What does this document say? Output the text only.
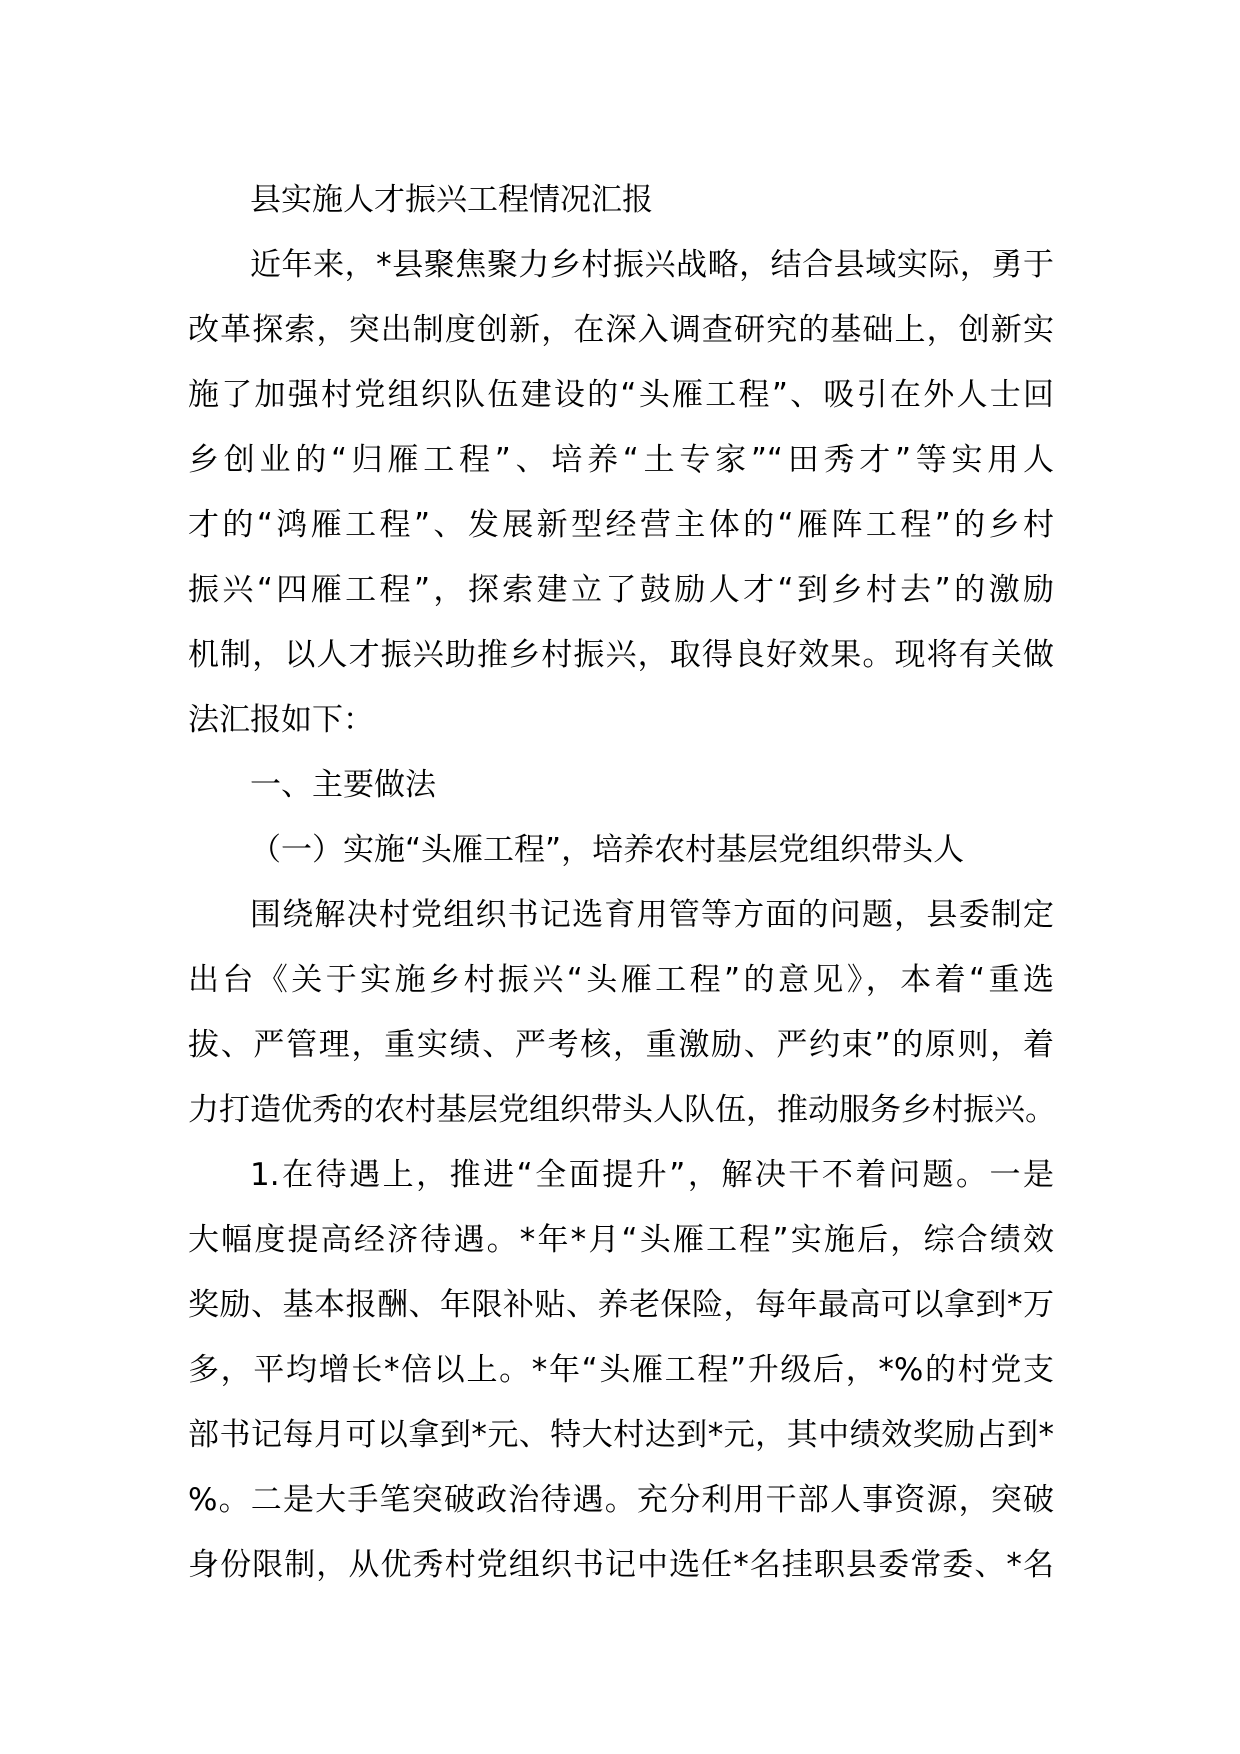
县实施人才振兴工程情况汇报
近年来，*县聚焦聚力乡村振兴战略，结合县域实际，勇于
改革探索，突出制度创新，在深入调查研究的基础上，创新实
施了加强村党组织队伍建设的“头雁工程”、吸引在外人士回
乡创业的“归雁工程”、培养“土专家”“田秀才”等实用人
才的“鸿雁工程”、发展新型经营主体的“雁阵工程”的乡村
振兴“四雁工程”，探索建立了鼓励人才“到乡村去”的激励
机制，以人才振兴助推乡村振兴，取得良好效果。现将有关做
法汇报如下：
一、主要做法
（一）实施“头雁工程”，培养农村基层党组织带头人
围绕解决村党组织书记选育用管等方面的问题，县委制定
出台《关于实施乡村振兴“头雁工程”的意见》，本着“重选
拔、严管理，重实绩、严考核，重激励、严约束”的原则，着
力打造优秀的农村基层党组织带头人队伍，推动服务乡村振兴。
1.在待遇上，推进“全面提升”，解决干不着问题。一是
大幅度提高经济待遇。*年*月“头雁工程”实施后，综合绩效
奖励、基本报酬、年限补贴、养老保险，每年最高可以拿到*万
多，平均增长*倍以上。*年“头雁工程”升级后，*%的村党支
部书记每月可以拿到*元、特大村达到*元，其中绩效奖励占到*
%。二是大手笔突破政治待遇。充分利用干部人事资源，突破
身份限制，从优秀村党组织书记中选任*名挂职县委常委、*名
